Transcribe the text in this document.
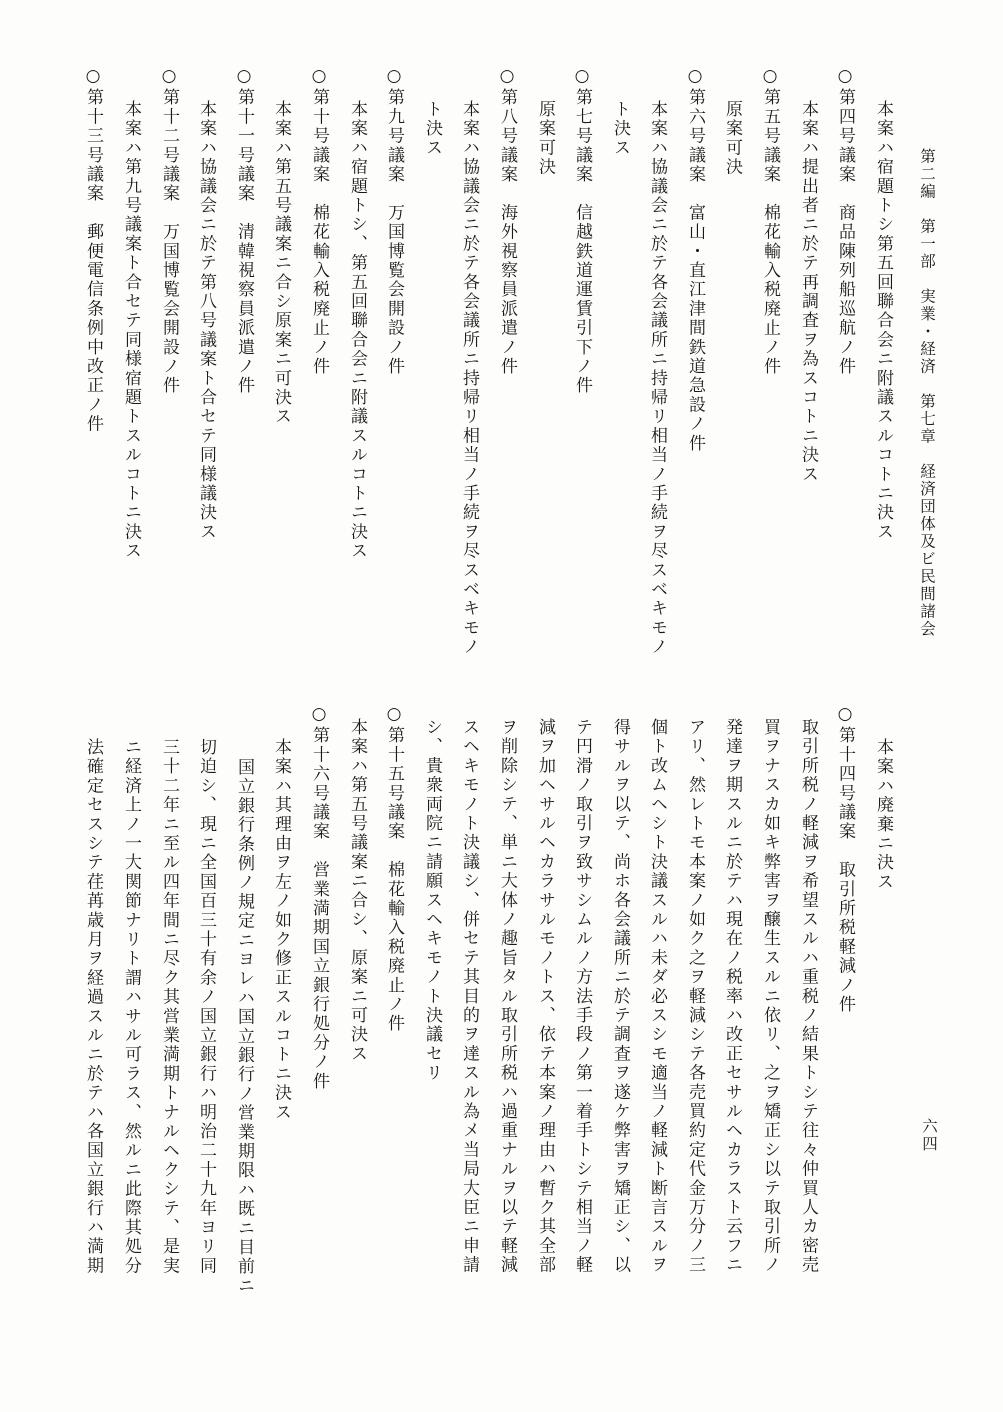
第二編　第一部　実業・経済　第七章　経済団体及ビ民間諸会
六四
本案ハ宿題トシ第五回聯合会ニ附議スルコトニ決ス
○第四号議案　商品陳列船巡航ノ件
本案ハ提出者ニ於テ再調査ヲ為スコトニ決ス
○第五号議案　棉花輸入税廃止ノ件
原案可決
○第六号議案　富山・直江津間鉄道急設ノ件
本案ハ協議会ニ於テ各会議所ニ持帰リ相当ノ手続ヲ尽スベキモノ
ト決ス
○第七号議案　信越鉄道運賃引下ノ件
原案可決
○第八号議案　海外視察員派遣ノ件
本案ハ協議会ニ於テ各会議所ニ持帰リ相当ノ手続ヲ尽スベキモノ
ト決ス
○第九号議案　万国博覧会開設ノ件
本案ハ宿題トシ、第五回聯合会ニ附議スルコトニ決ス
○第十号議案　棉花輸入税廃止ノ件
本案ハ第五号議案ニ合シ原案ニ可決ス
○第十一号議案　清韓視察員派遣ノ件
本案ハ協議会ニ於テ第八号議案ト合セテ同様議決ス
○第十二号議案　万国博覧会開設ノ件
本案ハ第九号議案ト合セテ同様宿題トスルコトニ決ス
○第十三号議案　郵便電信条例中改正ノ件
本案ハ廃棄ニ決ス
○第十四号議案　取引所税軽減ノ件
取引所税ノ軽減ヲ希望スルハ重税ノ結果トシテ往々仲買人カ密売
買ヲナスカ如キ弊害ヲ醸生スルニ依リ、之ヲ矯正シ以テ取引所ノ
発達ヲ期スルニ於テハ現在ノ税率ハ改正セサルヘカラスト云フニ
アリ、然レトモ本案ノ如ク之ヲ軽減シテ各売買約定代金万分ノ三
個ト改ムヘシト決議スルハ未ダ必スシモ適当ノ軽減ト断言スルヲ
得サルヲ以テ、尚ホ各会議所ニ於テ調査ヲ遂ケ弊害ヲ矯正シ、以
テ円滑ノ取引ヲ致サシムルノ方法手段ノ第一着手トシテ相当ノ軽
減ヲ加ヘサルヘカラサルモノトス、依テ本案ノ理由ハ暫ク其全部
ヲ削除シテ、単ニ大体ノ趣旨タル取引所税ハ過重ナルヲ以テ軽減
スヘキモノト決議シ、併セテ其目的ヲ達スル為メ当局大臣ニ申請
シ、貴衆両院ニ請願スヘキモノト決議セリ
○第十五号議案　棉花輸入税廃止ノ件
本案ハ第五号議案ニ合シ、原案ニ可決ス
○第十六号議案　営業満期国立銀行処分ノ件
本案ハ其理由ヲ左ノ如ク修正スルコトニ決ス
国立銀行条例ノ規定ニヨレハ国立銀行ノ営業期限ハ既ニ目前ニ
切迫シ、現ニ全国百三十有余ノ国立銀行ハ明治二十九年ヨリ同
三十二年ニ至ル四年間ニ尽ク其営業満期トナルヘクシテ、是実
ニ経済上ノ一大関節ナリト謂ハサル可ラス、然ルニ此際其処分
法確定セスシテ荏苒歳月ヲ経過スルニ於テハ各国立銀行ハ満期
